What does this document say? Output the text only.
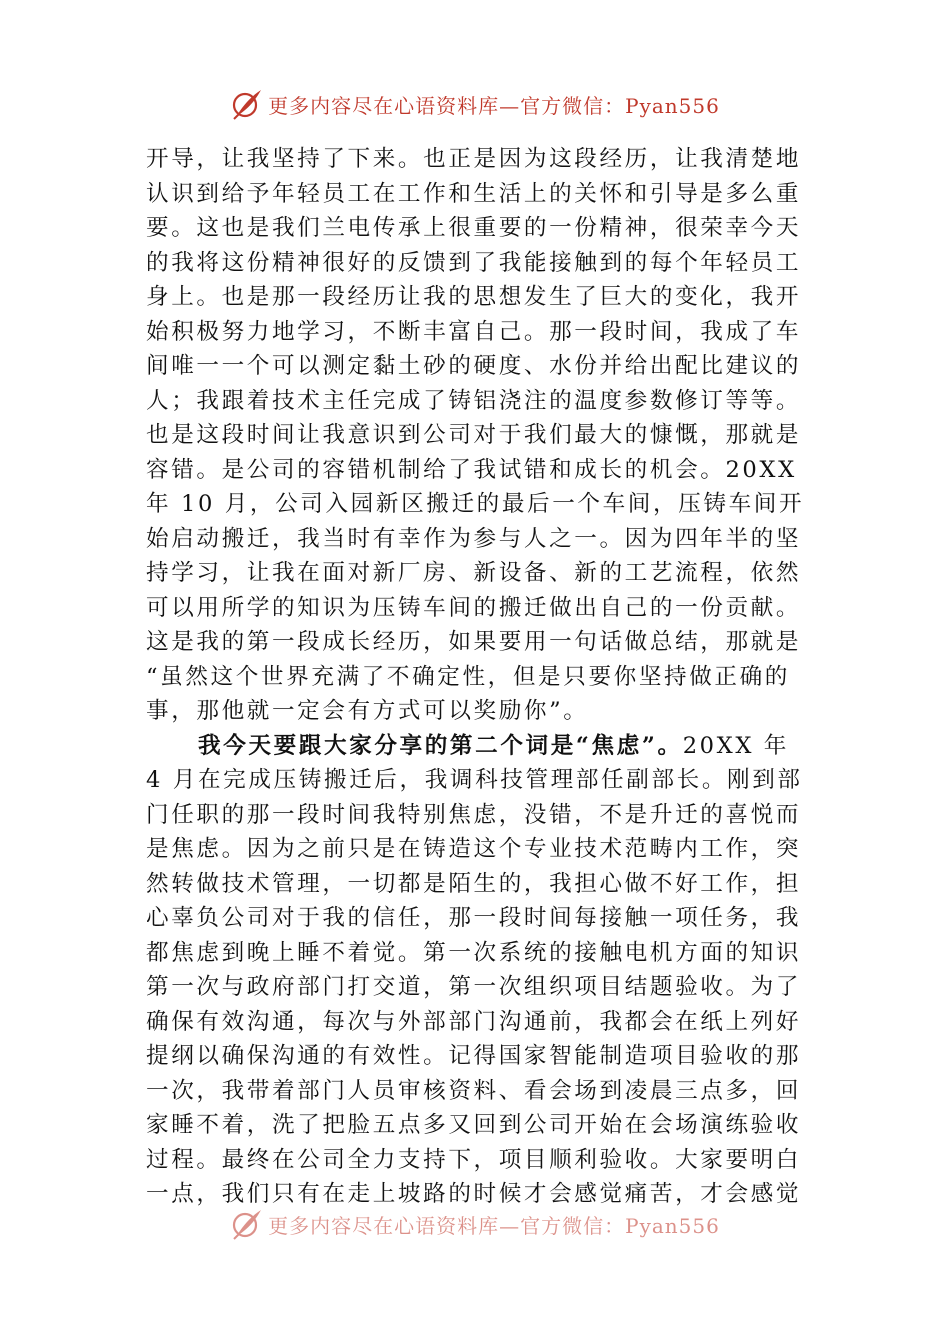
更多内容尽在心语资料库—官方微信：Pyan556
开导，让我坚持了下来。也正是因为这段经历，让我清楚地
认识到给予年轻员工在工作和生活上的关怀和引导是多么重
要。这也是我们兰电传承上很重要的一份精神，很荣幸今天
的我将这份精神很好的反馈到了我能接触到的每个年轻员工
身上。也是那一段经历让我的思想发生了巨大的变化，我开
始积极努力地学习，不断丰富自己。那一段时间，我成了车
间唯一一个可以测定黏土砂的硬度、水份并给出配比建议的
人；我跟着技术主任完成了铸铝浇注的温度参数修订等等。
也是这段时间让我意识到公司对于我们最大的慷慨，那就是
容错。是公司的容错机制给了我试错和成长的机会。20XX
年 10 月，公司入园新区搬迁的最后一个车间，压铸车间开
始启动搬迁，我当时有幸作为参与人之一。因为四年半的坚
持学习，让我在面对新厂房、新设备、新的工艺流程，依然
可以用所学的知识为压铸车间的搬迁做出自己的一份贡献。
这是我的第一段成长经历，如果要用一句话做总结，那就是
“虽然这个世界充满了不确定性，但是只要你坚持做正确的
事，那他就一定会有方式可以奖励你”。
我今天要跟大家分享的第二个词是“焦虑”。20XX 年
4 月在完成压铸搬迁后，我调科技管理部任副部长。刚到部
门任职的那一段时间我特别焦虑，没错，不是升迁的喜悦而
是焦虑。因为之前只是在铸造这个专业技术范畴内工作，突
然转做技术管理，一切都是陌生的，我担心做不好工作，担
心辜负公司对于我的信任，那一段时间每接触一项任务，我
都焦虑到晚上睡不着觉。第一次系统的接触电机方面的知识
第一次与政府部门打交道，第一次组织项目结题验收。为了
确保有效沟通，每次与外部部门沟通前，我都会在纸上列好
提纲以确保沟通的有效性。记得国家智能制造项目验收的那
一次，我带着部门人员审核资料、看会场到凌晨三点多，回
家睡不着，洗了把脸五点多又回到公司开始在会场演练验收
过程。最终在公司全力支持下，项目顺利验收。大家要明白
一点，我们只有在走上坡路的时候才会感觉痛苦，才会感觉
更多内容尽在心语资料库—官方微信：Pyan556
